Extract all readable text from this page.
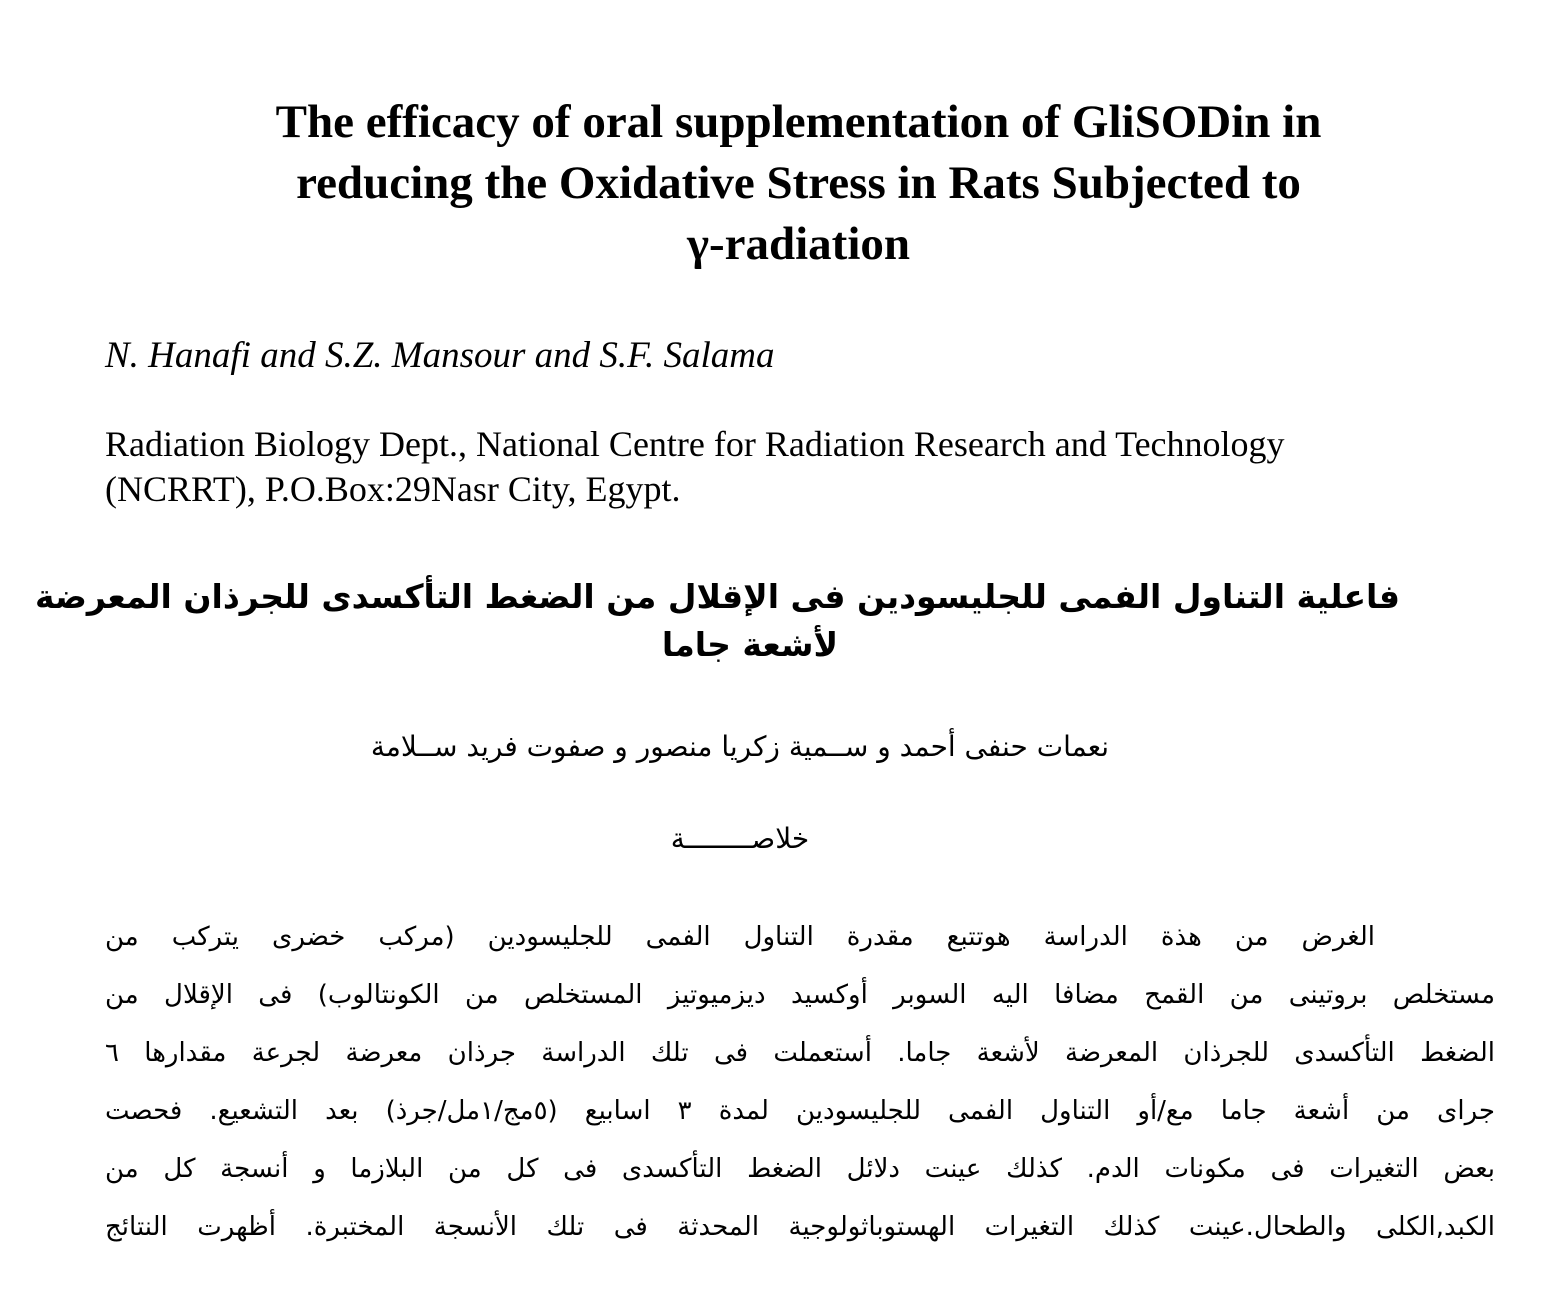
The efficacy of oral supplementation of GliSODin in
reducing the Oxidative Stress in Rats Subjected to
γ-radiation

N. Hanafi and S.Z. Mansour and S.F. Salama

Radiation Biology Dept., National Centre for Radiation Research and Technology
(NCRRT), P.O.Box:29Nasr City, Egypt.

فاعلية التناول الفمى للجليسودين فى الإقلال من الضغط التأكسدى للجرذان المعرضة
لأشعة جاما

نعمات حنفى أحمد و ســمية زكريا منصور و صفوت فريد ســلامة

خلاصــــــــة

الغرض من هذة الدراسة هوتتبع مقدرة التناول الفمى للجليسودين (مركب خضرى يتركب من
مستخلص بروتينى من القمح مضافا اليه السوبر أوكسيد ديزميوتيز المستخلص من الكونتالوب) فى الإقلال من
الضغط التأكسدى للجرذان المعرضة لأشعة جاما. أستعملت فى تلك الدراسة جرذان معرضة لجرعة مقدارها ٦
جراى من أشعة جاما مع/أو التناول الفمى للجليسودين لمدة ٣ اسابيع (٥مج/١مل/جرذ) بعد التشعيع. فحصت
بعض التغيرات فى مكونات الدم. كذلك عينت دلائل الضغط التأكسدى فى كل من البلازما و أنسجة كل من
الكبد,الكلى والطحال.عينت كذلك التغيرات الهستوباثولوجية المحدثة فى تلك الأنسجة المختبرة. أظهرت النتائج
